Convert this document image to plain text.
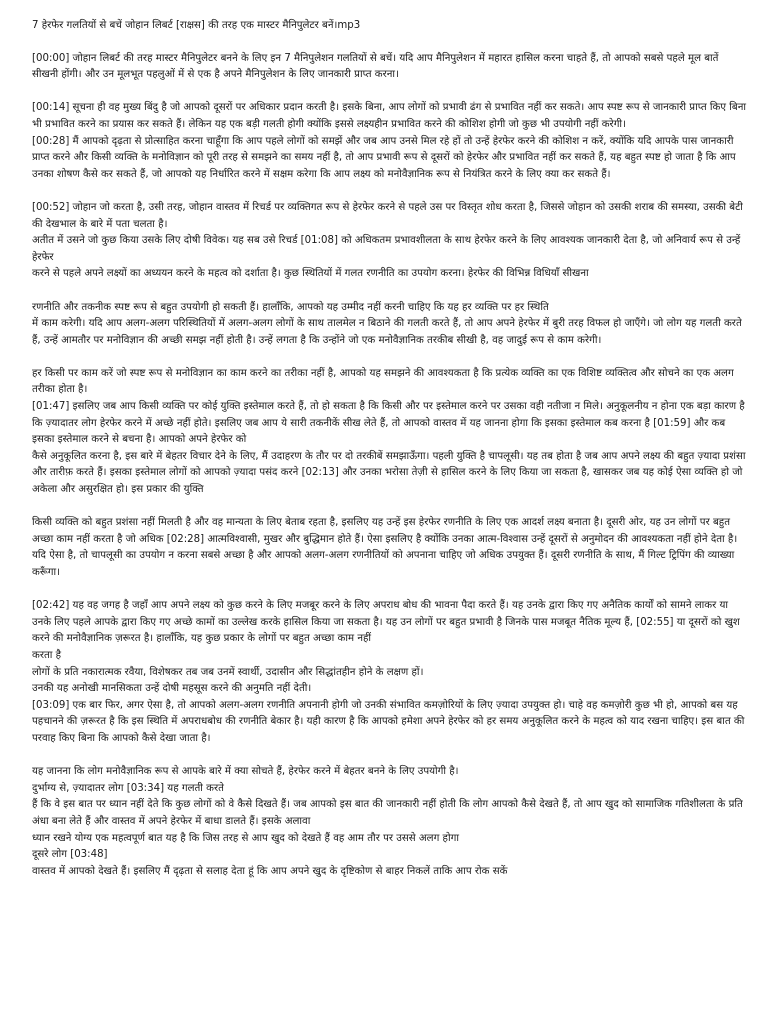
7 हेरफेर गलतियों से बचें जोहान लिबर्ट [राक्षस] की तरह एक मास्टर मैनिपुलेटर बनें।mp3
[00:00] जोहान लिबर्ट की तरह मास्टर मैनिपुलेटर बनने के लिए इन 7 मैनिपुलेशन गलतियों से बचें। यदि आप मैनिपुलेशन में महारत हासिल करना चाहते हैं, तो आपको सबसे पहले मूल बातें सीखनी होंगी। और उन मूलभूत पहलुओं में से एक है अपने मैनिपुलेशन के लिए जानकारी प्राप्त करना।
[00:14] सूचना ही वह मुख्य बिंदु है जो आपको दूसरों पर अधिकार प्रदान करती है। इसके बिना, आप लोगों को प्रभावी ढंग से प्रभावित नहीं कर सकते। आप स्पष्ट रूप से जानकारी प्राप्त किए बिना भी प्रभावित करने का प्रयास कर सकते हैं। लेकिन यह एक बड़ी गलती होगी क्योंकि इससे लक्ष्यहीन प्रभावित करने की कोशिश होगी जो कुछ भी उपयोगी नहीं करेगी।
[00:28] मैं आपको दृढ़ता से प्रोत्साहित करना चाहूँगा कि आप पहले लोगों को समझें और जब आप उनसे मिल रहे हों तो उन्हें हेरफेर करने की कोशिश न करें, क्योंकि यदि आपके पास जानकारी प्राप्त करने और किसी व्यक्ति के मनोविज्ञान को पूरी तरह से समझने का समय नहीं है, तो आप प्रभावी रूप से दूसरों को हेरफेर और प्रभावित नहीं कर सकते हैं, यह बहुत स्पष्ट हो जाता है कि आप उनका शोषण कैसे कर सकते हैं, जो आपको यह निर्धारित करने में सक्षम करेगा कि आप लक्ष्य को मनोवैज्ञानिक रूप से नियंत्रित करने के लिए क्या कर सकते हैं।
[00:52] जोहान जो करता है, उसी तरह, जोहान वास्तव में रिचर्ड पर व्यक्तिगत रूप से हेरफेर करने से पहले उस पर विस्तृत शोध करता है, जिससे जोहान को उसकी शराब की समस्या, उसकी बेटी की देखभाल के बारे में पता चलता है।
अतीत में उसने जो कुछ किया उसके लिए दोषी विवेक। यह सब उसे रिचर्ड [01:08] को अधिकतम प्रभावशीलता के साथ हेरफेर करने के लिए आवश्यक जानकारी देता है, जो अनिवार्य रूप से उन्हें हेरफेर
करने से पहले अपने लक्ष्यों का अध्ययन करने के महत्व को दर्शाता है। कुछ स्थितियों में गलत रणनीति का उपयोग करना। हेरफेर की विभिन्न विधियाँ सीखना
रणनीति और तकनीक स्पष्ट रूप से बहुत उपयोगी हो सकती हैं। हालाँकि, आपको यह उम्मीद नहीं करनी चाहिए कि यह हर व्यक्ति पर हर स्थिति
में काम करेगी। यदि आप अलग-अलग परिस्थितियों में अलग-अलग लोगों के साथ तालमेल न बिठाने की गलती करते हैं, तो आप अपने हेरफेर में बुरी तरह विफल हो जाएँगे। जो लोग यह गलती करते हैं, उन्हें आमतौर पर मनोविज्ञान की अच्छी समझ नहीं होती है। उन्हें लगता है कि उन्होंने जो एक मनोवैज्ञानिक तरकीब सीखी है, वह जादुई रूप से काम करेगी।
हर किसी पर काम करें जो स्पष्ट रूप से मनोविज्ञान का काम करने का तरीका नहीं है, आपको यह समझने की आवश्यकता है कि प्रत्येक व्यक्ति का एक विशिष्ट व्यक्तित्व और सोचने का एक अलग तरीका होता है।
[01:47] इसलिए जब आप किसी व्यक्ति पर कोई युक्ति इस्तेमाल करते हैं, तो हो सकता है कि किसी और पर इस्तेमाल करने पर उसका वही नतीजा न मिले। अनुकूलनीय न होना एक बड़ा कारण है कि ज़्यादातर लोग हेरफेर करने में अच्छे नहीं होते। इसलिए जब आप ये सारी तकनीकें सीख लेते हैं, तो आपको वास्तव में यह जानना होगा कि इसका इस्तेमाल कब करना है [01:59] और कब इसका इस्तेमाल करने से बचना है। आपको अपने हेरफेर को
कैसे अनुकूलित करना है, इस बारे में बेहतर विचार देने के लिए, मैं उदाहरण के तौर पर दो तरकीबें समझाऊँगा। पहली युक्ति है चापलूसी। यह तब होता है जब आप अपने लक्ष्य की बहुत ज़्यादा प्रशंसा और तारीफ़ करते हैं। इसका इस्तेमाल लोगों को आपको ज़्यादा पसंद करने [02:13] और उनका भरोसा तेज़ी से हासिल करने के लिए किया जा सकता है, खासकर जब यह कोई ऐसा व्यक्ति हो जो अकेला और असुरक्षित हो। इस प्रकार की युक्ति
किसी व्यक्ति को बहुत प्रशंसा नहीं मिलती है और वह मान्यता के लिए बेताब रहता है, इसलिए यह उन्हें इस हेरफेर रणनीति के लिए एक आदर्श लक्ष्य बनाता है। दूसरी ओर, यह उन लोगों पर बहुत अच्छा काम नहीं करता है जो अधिक [02:28] आत्मविश्वासी, मुखर और बुद्धिमान होते हैं। ऐसा इसलिए है क्योंकि उनका आत्म-विश्वास उन्हें दूसरों से अनुमोदन की आवश्यकता नहीं होने देता है। यदि ऐसा है, तो चापलूसी का उपयोग न करना सबसे अच्छा है और आपको अलग-अलग रणनीतियों को अपनाना चाहिए जो अधिक उपयुक्त हैं। दूसरी रणनीति के साथ, मैं गिल्ट ट्रिपिंग की व्याख्या करूँगा।
[02:42] यह वह जगह है जहाँ आप अपने लक्ष्य को कुछ करने के लिए मजबूर करने के लिए अपराध बोध की भावना पैदा करते हैं। यह उनके द्वारा किए गए अनैतिक कार्यों को सामने लाकर या उनके लिए पहले आपके द्वारा किए गए अच्छे कामों का उल्लेख करके हासिल किया जा सकता है। यह उन लोगों पर बहुत प्रभावी है जिनके पास मजबूत नैतिक मूल्य हैं, [02:55] या दूसरों को खुश करने की मनोवैज्ञानिक ज़रूरत है। हालाँकि, यह कुछ प्रकार के लोगों पर बहुत अच्छा काम नहीं
करता है
लोगों के प्रति नकारात्मक रवैया, विशेषकर तब जब उनमें स्वार्थी, उदासीन और सिद्धांतहीन होने के लक्षण हों।
उनकी यह अनोखी मानसिकता उन्हें दोषी महसूस करने की अनुमति नहीं देती।
[03:09] एक बार फिर, अगर ऐसा है, तो आपको अलग-अलग रणनीति अपनानी होगी जो उनकी संभावित कमज़ोरियों के लिए ज़्यादा उपयुक्त हो। चाहे वह कमज़ोरी कुछ भी हो, आपको बस यह पहचानने की ज़रूरत है कि इस स्थिति में अपराधबोध की रणनीति बेकार है। यही कारण है कि आपको हमेशा अपने हेरफेर को हर समय अनुकूलित करने के महत्व को याद रखना चाहिए। इस बात की परवाह किए बिना कि आपको कैसे देखा जाता है।
यह जानना कि लोग मनोवैज्ञानिक रूप से आपके बारे में क्या सोचते हैं, हेरफेर करने में बेहतर बनने के लिए उपयोगी है।
दुर्भाग्य से, ज़्यादातर लोग [03:34] यह गलती करते
हैं कि वे इस बात पर ध्यान नहीं देते कि कुछ लोगों को वे कैसे दिखते हैं। जब आपको इस बात की जानकारी नहीं होती कि लोग आपको कैसे देखते हैं, तो आप खुद को सामाजिक गतिशीलता के प्रति अंधा बना लेते हैं और वास्तव में अपने हेरफेर में बाधा डालते हैं। इसके अलावा
ध्यान रखने योग्य एक महत्वपूर्ण बात यह है कि जिस तरह से आप खुद को देखते हैं वह आम तौर पर उससे अलग होगा
दूसरे लोग [03:48]
वास्तव में आपको देखते हैं। इसलिए मैं दृढ़ता से सलाह देता हूं कि आप अपने खुद के दृष्टिकोण से बाहर निकलें ताकि आप रोक सकें
